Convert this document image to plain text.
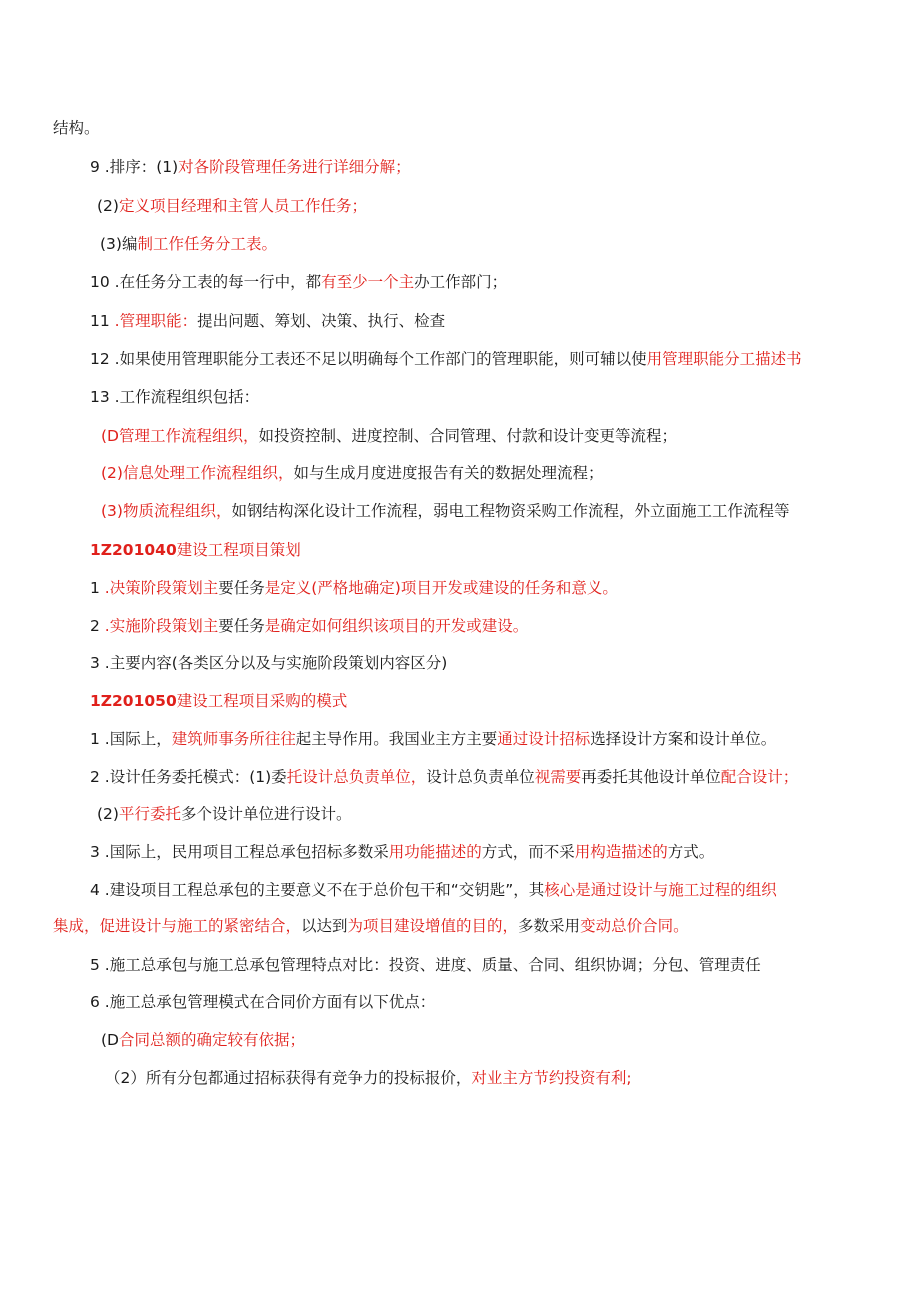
结构。
9 .排序：(1)对各阶段管理任务进行详细分解；
(2)定义项目经理和主管人员工作任务；
(3)编制工作任务分工表。
10 .在任务分工表的每一行中，都有至少一个主办工作部门；
11 .管理职能：提出问题、筹划、决策、执行、检查
12 .如果使用管理职能分工表还不足以明确每个工作部门的管理职能，则可辅以使用管理职能分工描述书
13 .工作流程组织包括：
(D管理工作流程组织，如投资控制、进度控制、合同管理、付款和设计变更等流程；
(2)信息处理工作流程组织，如与生成月度进度报告有关的数据处理流程；
(3)物质流程组织，如钢结构深化设计工作流程，弱电工程物资采购工作流程，外立面施工工作流程等
1Z201040建设工程项目策划
1 .决策阶段策划主要任务是定义(严格地确定)项目开发或建设的任务和意义。
2 .实施阶段策划主要任务是确定如何组织该项目的开发或建设。
3 .主要内容(各类区分以及与实施阶段策划内容区分)
1Z201050建设工程项目采购的模式
1 .国际上，建筑师事务所往往起主导作用。我国业主方主要通过设计招标选择设计方案和设计单位。
2 .设计任务委托模式：(1)委托设计总负责单位，设计总负责单位视需要再委托其他设计单位配合设计；
(2)平行委托多个设计单位进行设计。
3 .国际上，民用项目工程总承包招标多数采用功能描述的方式，而不采用构造描述的方式。
4 .建设项目工程总承包的主要意义不在于总价包干和“交钥匙”，其核心是通过设计与施工过程的组织
集成，促进设计与施工的紧密结合，以达到为项目建设增值的目的，多数采用变动总价合同。
5 .施工总承包与施工总承包管理特点对比：投资、进度、质量、合同、组织协调；分包、管理责任
6 .施工总承包管理模式在合同价方面有以下优点：
(D合同总额的确定较有依据；
（2）所有分包都通过招标获得有竞争力的投标报价，对业主方节约投资有利;
